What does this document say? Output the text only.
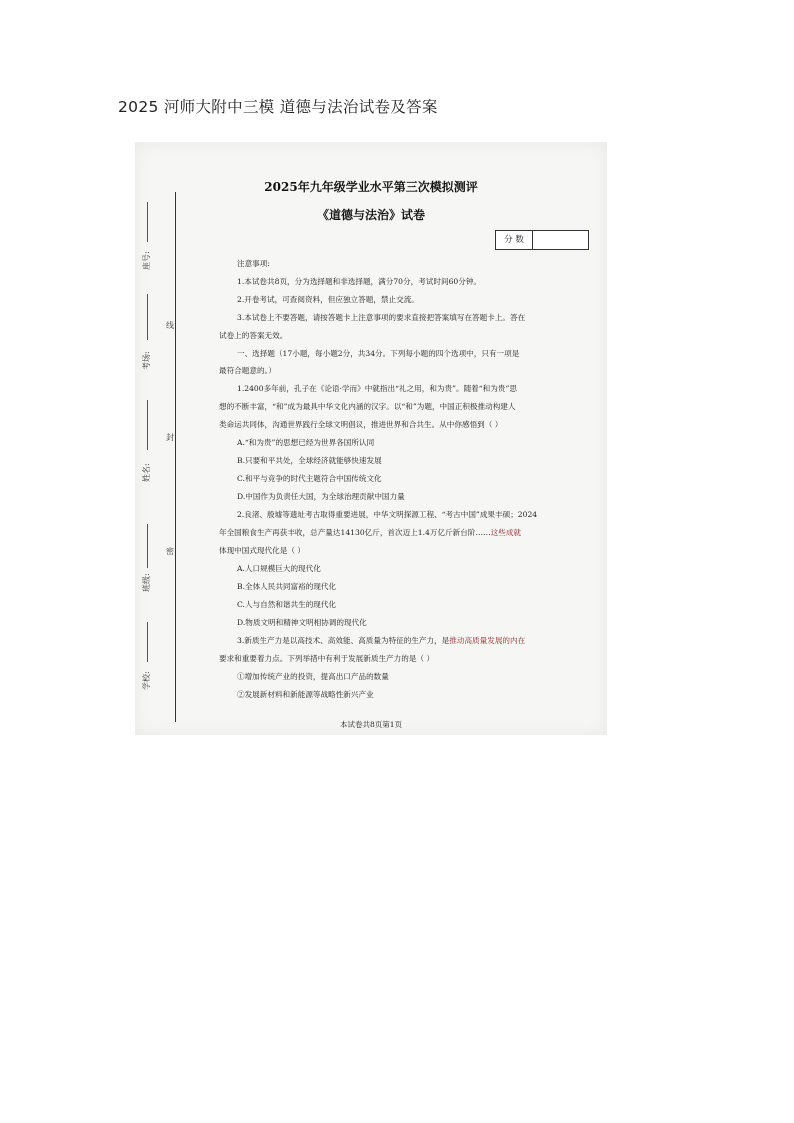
2025 河师大附中三模 道德与法治试卷及答案
座号:
考场:
姓名:
班级:
学校:
线
封
密
2025年九年级学业水平第三次模拟测评
《道德与法治》试卷
分 数
注意事项:
1.本试卷共8页，分为选择题和非选择题，满分70分，考试时间60分钟。
2.开卷考试，可查阅资料，但应独立答题，禁止交流。
3.本试卷上不要答题，请按答题卡上注意事项的要求直接把答案填写在答题卡上。答在
试卷上的答案无效。
一、选择题（17小题，每小题2分，共34分。下列每小题的四个选项中，只有一项是
最符合题意的。）
1.2400多年前，孔子在《论语·学而》中就指出“礼之用，和为贵”。随着“和为贵”思
想的不断丰富，“和”成为最具中华文化内涵的汉字。以“和”为题，中国正积极推动构建人
类命运共同体，沟通世界践行全球文明倡议，推进世界和合共生。从中你感悟到（ ）
A.“和为贵”的思想已经为世界各国所认同
B.只要和平共处，全球经济就能够快速发展
C.和平与竞争的时代主题符合中国传统文化
D.中国作为负责任大国，为全球治理贡献中国力量
2.良渚、殷墟等遗址考古取得重要进展，中华文明探源工程、“考古中国”成果丰硕；2024
年全国粮食生产再获丰收，总产量达14130亿斤，首次迈上1.4万亿斤新台阶……这些成就
体现中国式现代化是（ ）
A.人口规模巨大的现代化
B.全体人民共同富裕的现代化
C.人与自然和谐共生的现代化
D.物质文明和精神文明相协调的现代化
3.新质生产力是以高技术、高效能、高质量为特征的生产力，是推动高质量发展的内在
要求和重要着力点。下列举措中有利于发展新质生产力的是（ ）
①增加传统产业的投资，提高出口产品的数量
②发展新材料和新能源等战略性新兴产业
本试卷共8页第1页
